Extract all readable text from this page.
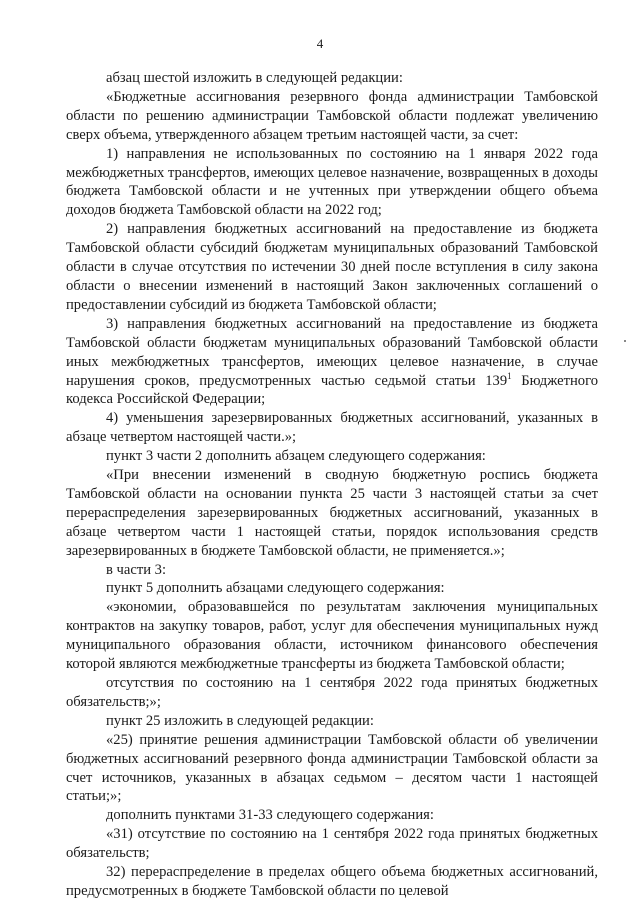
4

абзац шестой изложить в следующей редакции:

«Бюджетные ассигнования резервного фонда администрации Тамбовской области по решению администрации Тамбовской области подлежат увеличению сверх объема, утвержденного абзацем третьим настоящей части, за счет:

1) направления не использованных по состоянию на 1 января 2022 года межбюджетных трансфертов, имеющих целевое назначение, возвращенных в доходы бюджета Тамбовской области и не учтенных при утверждении общего объема доходов бюджета Тамбовской области на 2022 год;

2) направления бюджетных ассигнований на предоставление из бюджета Тамбовской области субсидий бюджетам муниципальных образований Тамбовской области в случае отсутствия по истечении 30 дней после вступления в силу закона области о внесении изменений в настоящий Закон заключенных соглашений о предоставлении субсидий из бюджета Тамбовской области;

3) направления бюджетных ассигнований на предоставление из бюджета Тамбовской области бюджетам муниципальных образований Тамбовской области иных межбюджетных трансфертов, имеющих целевое назначение, в случае нарушения сроков, предусмотренных частью седьмой статьи $139^1$ Бюджетного кодекса Российской Федерации;

4) уменьшения зарезервированных бюджетных ассигнований, указанных в абзаце четвертом настоящей части.»;

пункт 3 части 2 дополнить абзацем следующего содержания:

«При внесении изменений в сводную бюджетную роспись бюджета Тамбовской области на основании пункта 25 части 3 настоящей статьи за счет перераспределения зарезервированных бюджетных ассигнований, указанных в абзаце четвертом части 1 настоящей статьи, порядок использования средств зарезервированных в бюджете Тамбовской области, не применяется.»;

в части 3:

пункт 5 дополнить абзацами следующего содержания:

«экономии, образовавшейся по результатам заключения муниципальных контрактов на закупку товаров, работ, услуг для обеспечения муниципальных нужд муниципального образования области, источником финансового обеспечения которой являются межбюджетные трансферты из бюджета Тамбовской области;

отсутствия по состоянию на 1 сентября 2022 года принятых бюджетных обязательств;»;

пункт 25 изложить в следующей редакции:

«25) принятие решения администрации Тамбовской области об увеличении бюджетных ассигнований резервного фонда администрации Тамбовской области за счет источников, указанных в абзацах седьмом – десятом части 1 настоящей статьи;»;

дополнить пунктами 31-33 следующего содержания:

«31) отсутствие по состоянию на 1 сентября 2022 года принятых бюджетных обязательств;

32) перераспределение в пределах общего объема бюджетных ассигнований, предусмотренных в бюджете Тамбовской области по целевой
